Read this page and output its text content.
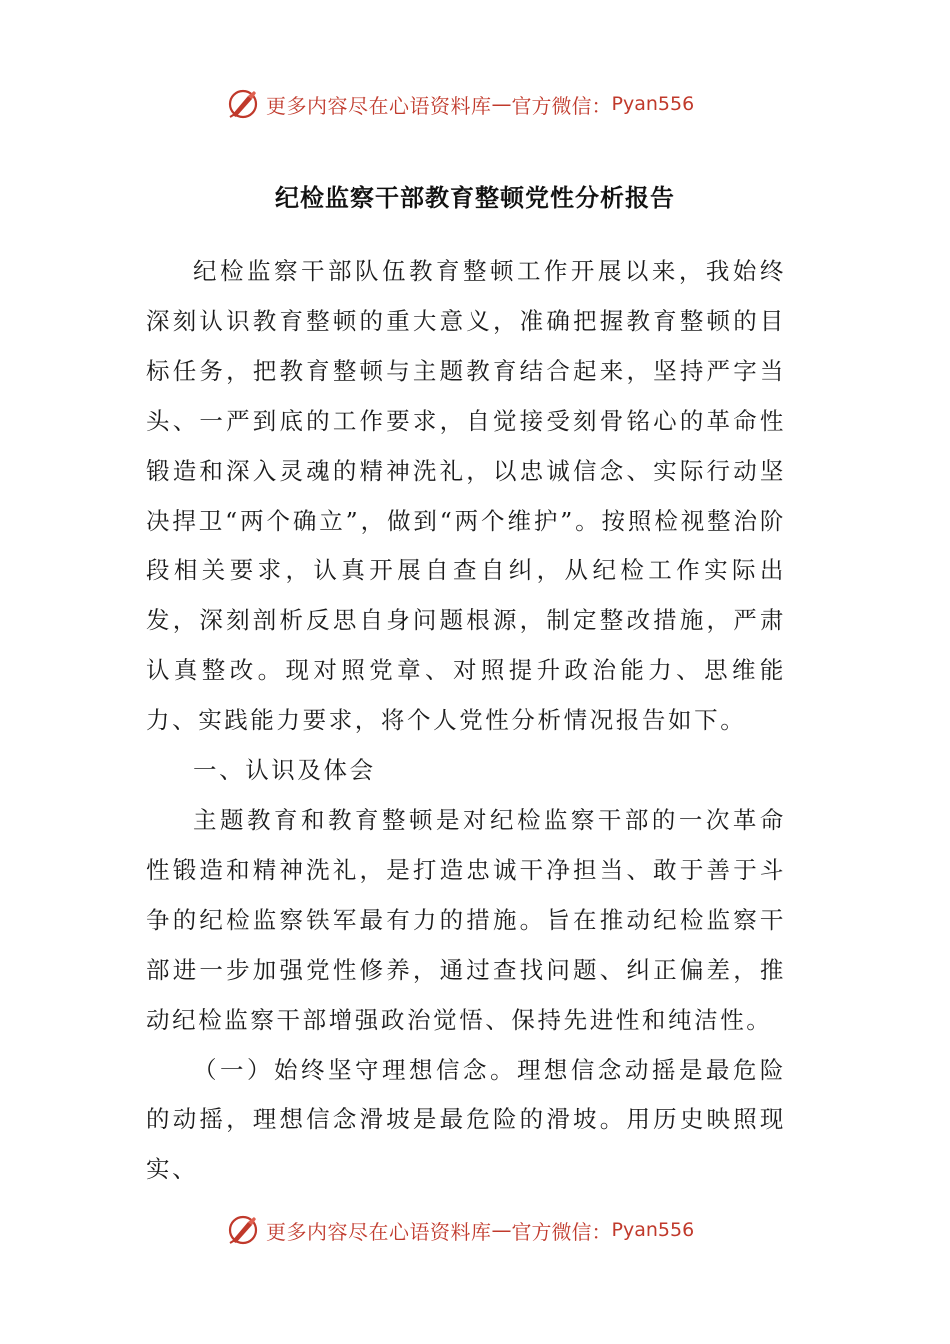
更多内容尽在心语资料库 — 官方微信： Pyan556
纪检监察干部教育整顿党性分析报告

纪检监察干部队伍教育整顿工作开展以来，我始终深刻认识教育整顿的重大意义，准确把握教育整顿的目标任务，把教育整顿与主题教育结合起来，坚持严字当头、一严到底的工作要求，自觉接受刻骨铭心的革命性锻造和深入灵魂的精神洗礼，以忠诚信念、实际行动坚决捍卫“两个确立”，做到“两个维护”。按照检视整治阶段相关要求，认真开展自查自纠，从纪检工作实际出发，深刻剖析反思自身问题根源，制定整改措施，严肃认真整改。现对照党章、对照提升政治能力、思维能力、实践能力要求，将个人党性分析情况报告如下。

一、认识及体会

主题教育和教育整顿是对纪检监察干部的一次革命性锻造和精神洗礼，是打造忠诚干净担当、敢于善于斗争的纪检监察铁军最有力的措施。旨在推动纪检监察干部进一步加强党性修养，通过查找问题、纠正偏差，推动纪检监察干部增强政治觉悟、保持先进性和纯洁性。

（一）始终坚守理想信念。理想信念动摇是最危险的动摇，理想信念滑坡是最危险的滑坡。用历史映照现实、

更多内容尽在心语资料库 — 官方微信： Pyan556
